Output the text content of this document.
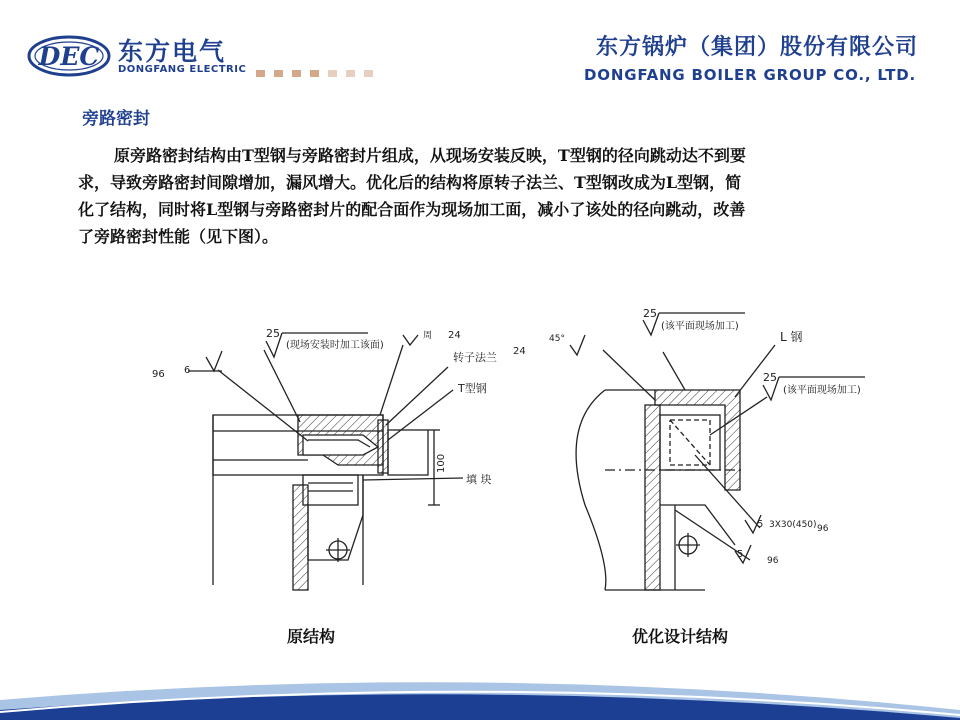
DEC 东方电气
DONGFANG ELECTRIC
东方锅炉（集团）股份有限公司
DONGFANG BOILER GROUP CO., LTD.
旁路密封
原旁路密封结构由T型钢与旁路密封片组成，从现场安装反映，T型钢的径向跳动达不到要
求，导致旁路密封间隙增加，漏风增大。优化后的结构将原转子法兰、T型钢改成为L型钢，简
化了结构，同时将L型钢与旁路密封片的配合面作为现场加工面，减小了该处的径向跳动，改善
了旁路密封性能（见下图）。
25
(现场安装时加工该面)
周 24
96 6
转子法兰
T型钢
100
填 块
25
(该平面现场加工)
L 钢
25
(该平面现场加工)
24
45°
5 3X30(450) 96
5
96
原结构	优化设计结构
